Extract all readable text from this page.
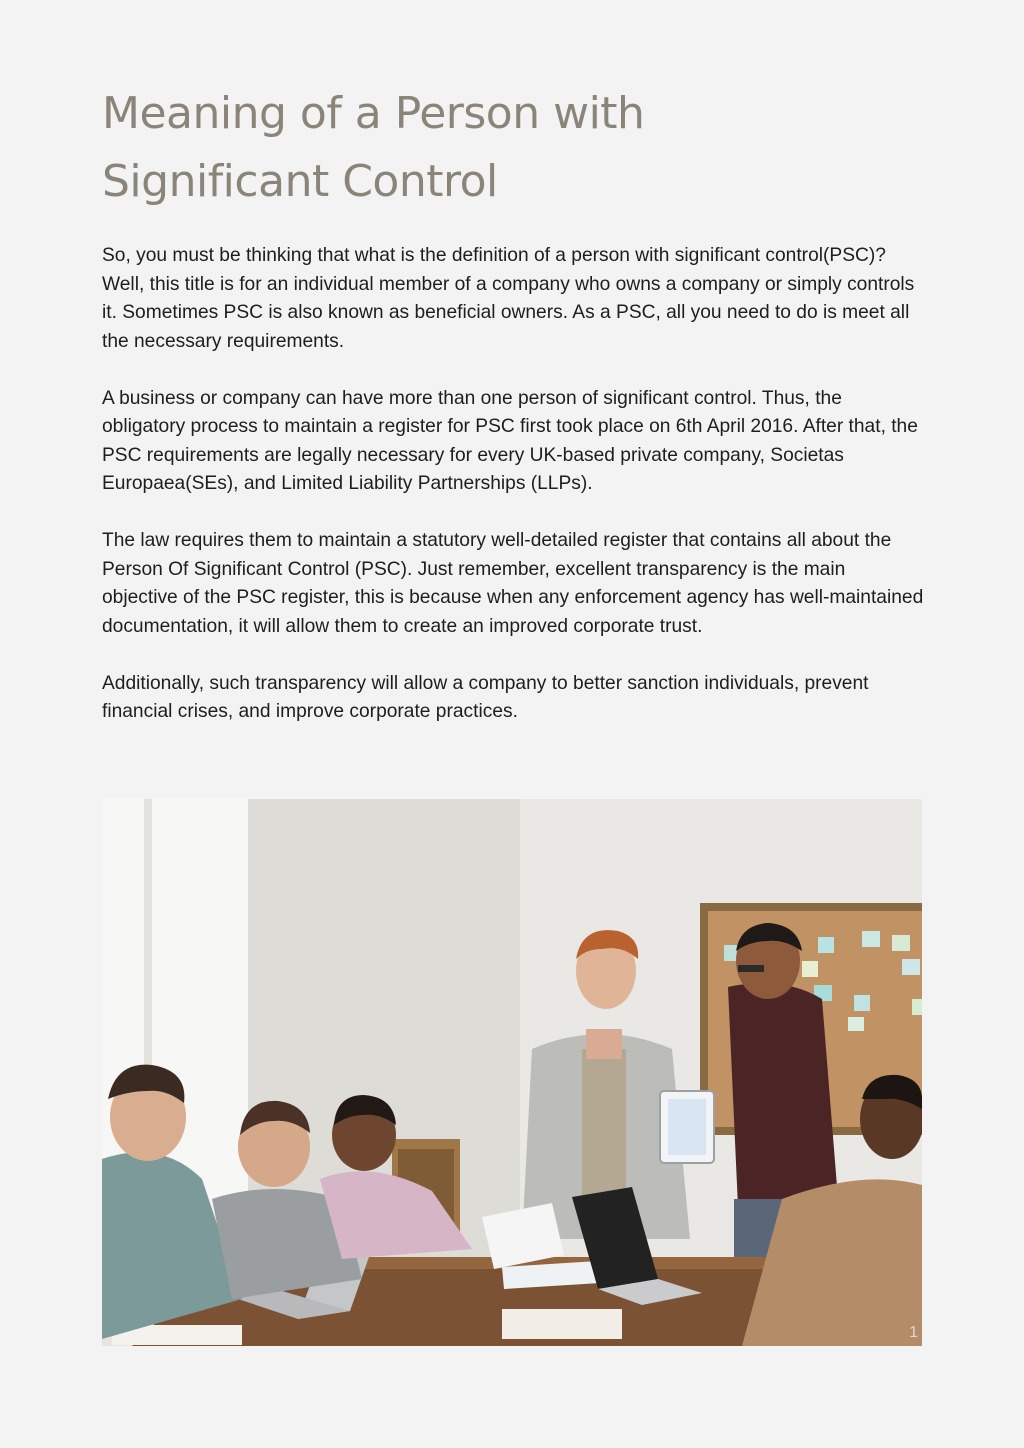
Meaning of a Person with
Significant Control

So, you must be thinking that what is the definition of a person with significant control(PSC)? Well, this title is for an individual member of a company who owns a company or simply controls it. Sometimes PSC is also known as beneficial owners. As a PSC, all you need to do is meet all the necessary requirements.

A business or company can have more than one person of significant control. Thus, the obligatory process to maintain a register for PSC first took place on 6th April 2016. After that, the PSC requirements are legally necessary for every UK-based private company, Societas Europaea(SEs), and Limited Liability Partnerships (LLPs).

The law requires them to maintain a statutory well-detailed register that contains all about the Person Of Significant Control (PSC). Just remember, excellent transparency is the main objective of the PSC register, this is because when any enforcement agency has well-maintained documentation, it will allow them to create an improved corporate trust.

Additionally, such transparency will allow a company to better sanction individuals, prevent financial crises, and improve corporate practices.

1
